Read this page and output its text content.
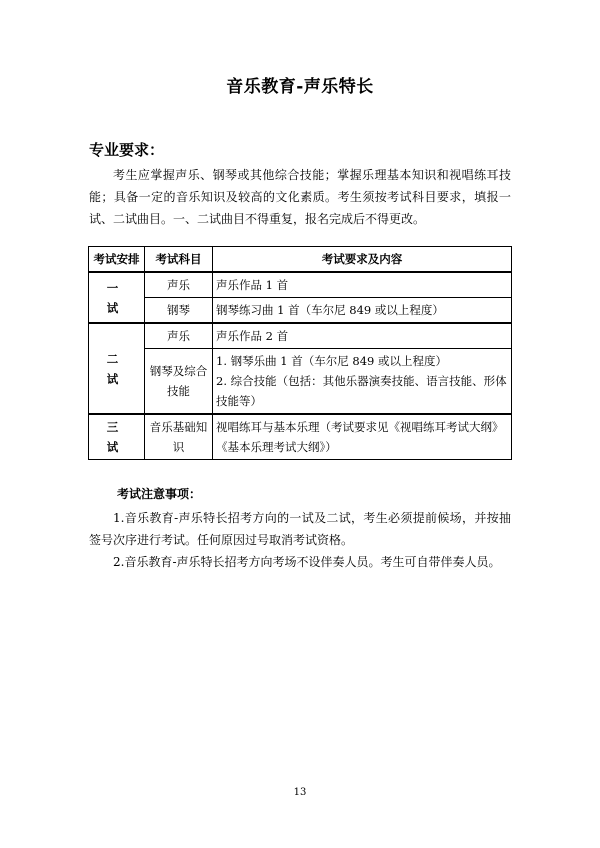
音乐教育-声乐特长
专业要求：

考生应掌握声乐、钢琴或其他综合技能；掌握乐理基本知识和视唱练耳技能；具备一定的音乐知识及较高的文化素质。考生须按考试科目要求，填报一试、二试曲目。一、二试曲目不得重复，报名完成后不得更改。

考试安排	考试科目	考试要求及内容
一 试	声乐	声乐作品 1 首
	钢琴	钢琴练习曲 1 首（车尔尼 849 或以上程度）
二 试	声乐	声乐作品 2 首
	钢琴及综合技能	1. 钢琴乐曲 1 首（车尔尼 849 或以上程度）
2. 综合技能（包括：其他乐器演奏技能、语言技能、形体技能等）

三 试	音乐基础知识	视唱练耳与基本乐理（考试要求见《视唱练耳考试大纲》《基本乐理考试大纲》）
考试注意事项：

1.音乐教育-声乐特长招考方向的一试及二试，考生必须提前候场，并按抽签号次序进行考试。任何原因过号取消考试资格。

2.音乐教育-声乐特长招考方向考场不设伴奏人员。考生可自带伴奏人员。

13
